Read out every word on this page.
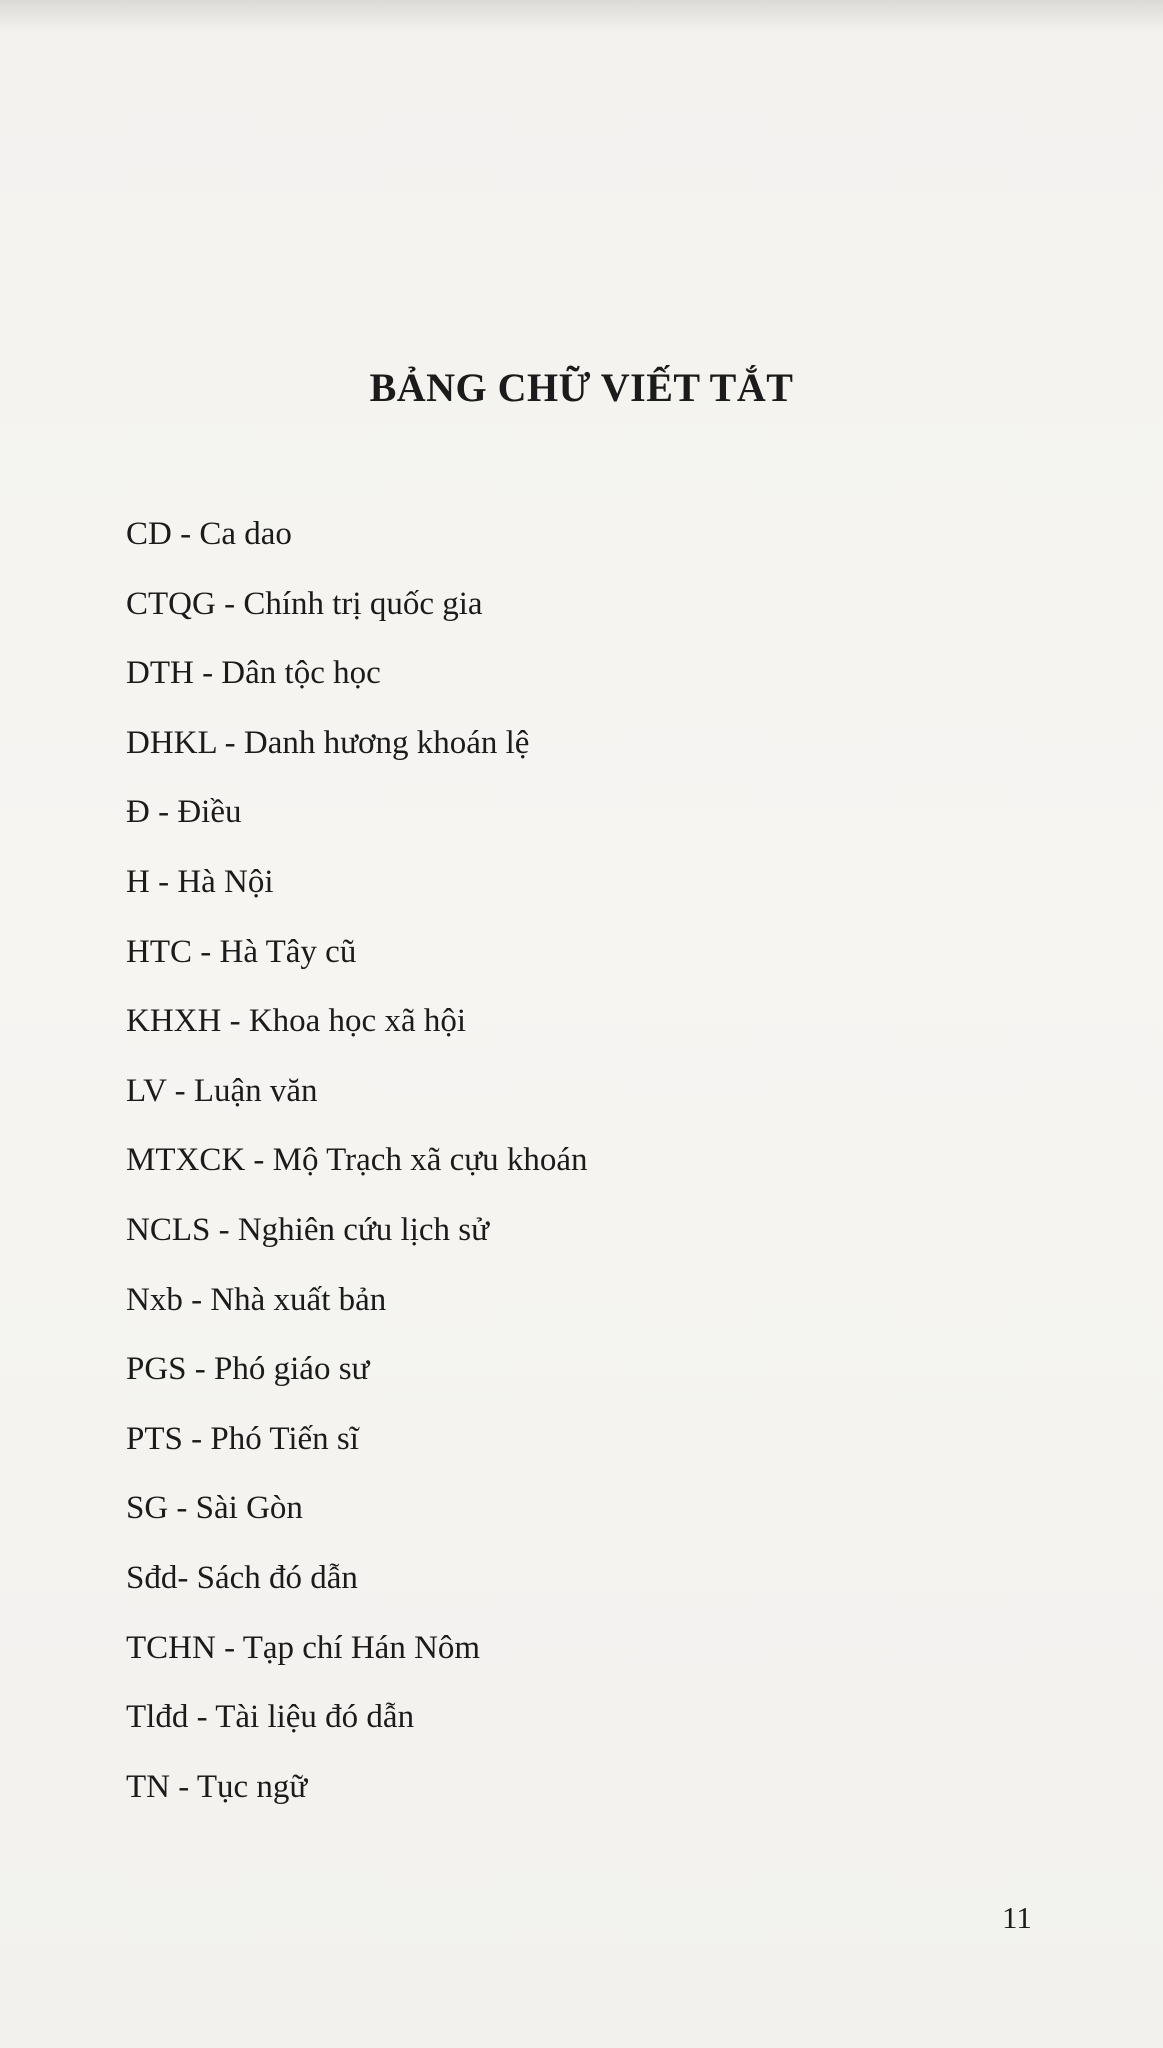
BẢNG CHỮ VIẾT TẮT
CD - Ca dao
CTQG - Chính trị quốc gia
DTH - Dân tộc học
DHKL - Danh hương khoán lệ
Đ - Điều
H - Hà Nội
HTC - Hà Tây cũ
KHXH - Khoa học xã hội
LV - Luận văn
MTXCK - Mộ Trạch xã cựu khoán
NCLS - Nghiên cứu lịch sử
Nxb - Nhà xuất bản
PGS - Phó giáo sư
PTS - Phó Tiến sĩ
SG - Sài Gòn
Sđd- Sách đó dẫn
TCHN - Tạp chí Hán Nôm
Tlđd - Tài liệu đó dẫn
TN - Tục ngữ
11
